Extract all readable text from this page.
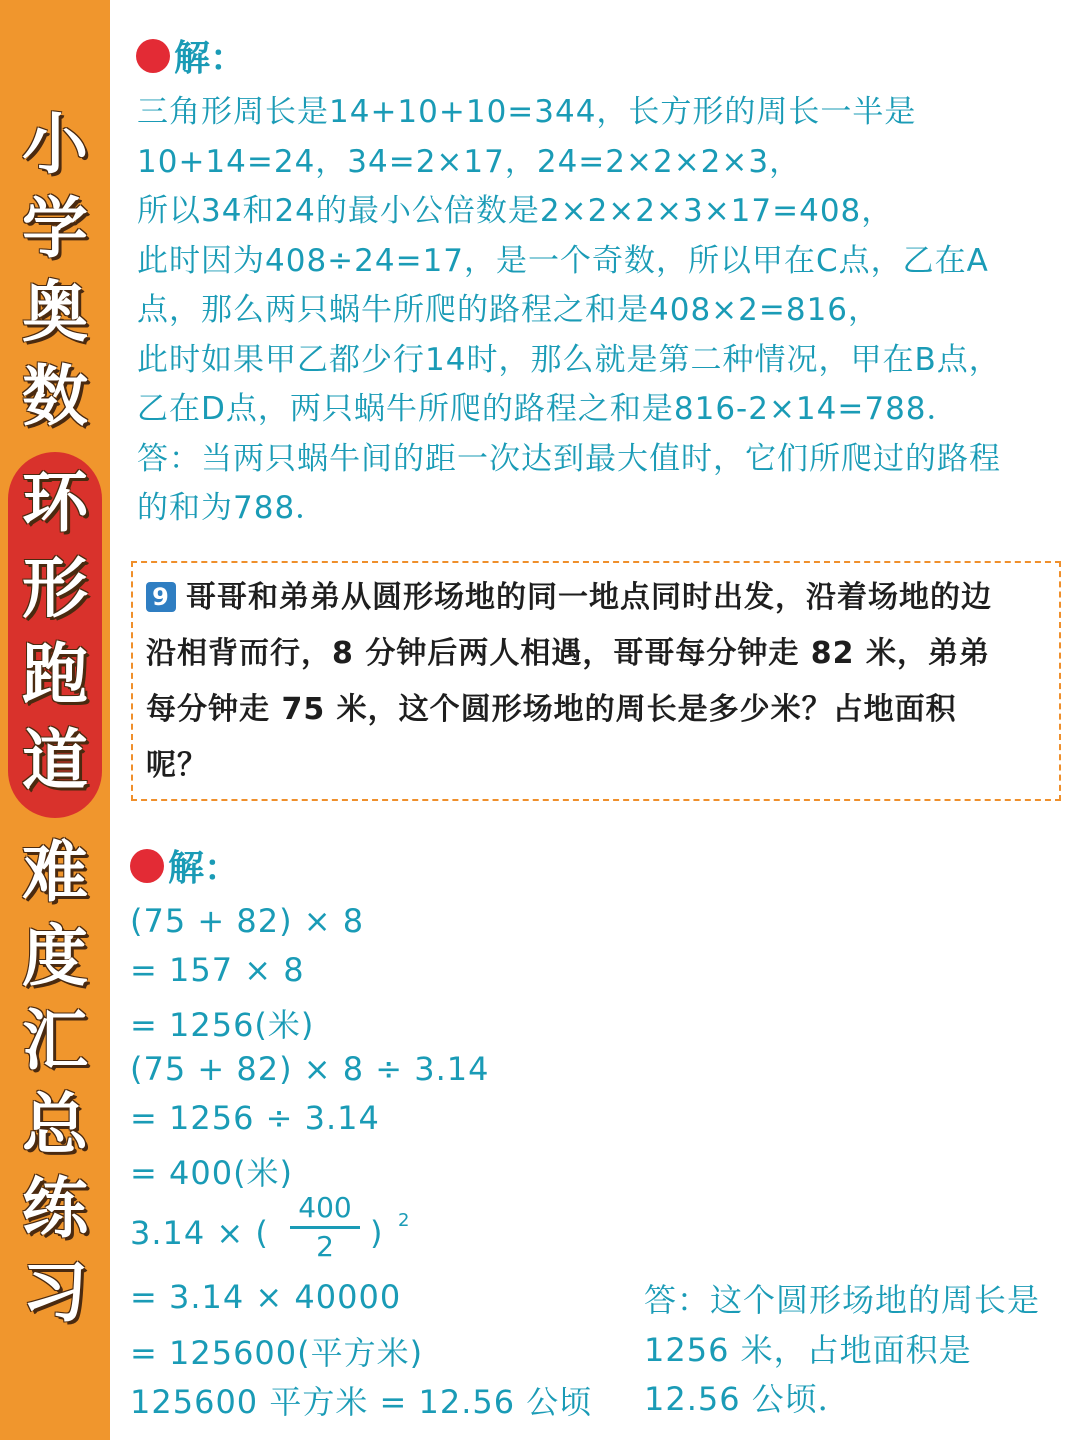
小
学
奥
数
环
形
跑
道
难
度
汇
总
练
习
解：
三角形周长是14+10+10=344，长方形的周长一半是
10+14=24，34=2×17，24=2×2×2×3，
所以34和24的最小公倍数是2×2×2×3×17=408，
此时因为408÷24=17，是一个奇数，所以甲在C点，乙在A
点，那么两只蜗牛所爬的路程之和是408×2=816，
此时如果甲乙都少行14时，那么就是第二种情况，甲在B点，
乙在D点，两只蜗牛所爬的路程之和是816-2×14=788．
答：当两只蜗牛间的距一次达到最大值时，它们所爬过的路程
的和为788．
9 哥哥和弟弟从圆形场地的同一地点同时出发，沿着场地的边
沿相背而行，8 分钟后两人相遇，哥哥每分钟走 82 米，弟弟
每分钟走 75 米，这个圆形场地的周长是多少米？占地面积
呢？
解：
(75 + 82) × 8
= 157 × 8
= 1256(米)
(75 + 82) × 8 ÷ 3.14
= 1256 ÷ 3.14
= 400(米)
3.14 × (
400
2	) 2
= 3.14 × 40000
= 125600(平方米)
125600 平方米 = 12.56 公顷
答：这个圆形场地的周长是
1256 米，占地面积是
12.56 公顷．
